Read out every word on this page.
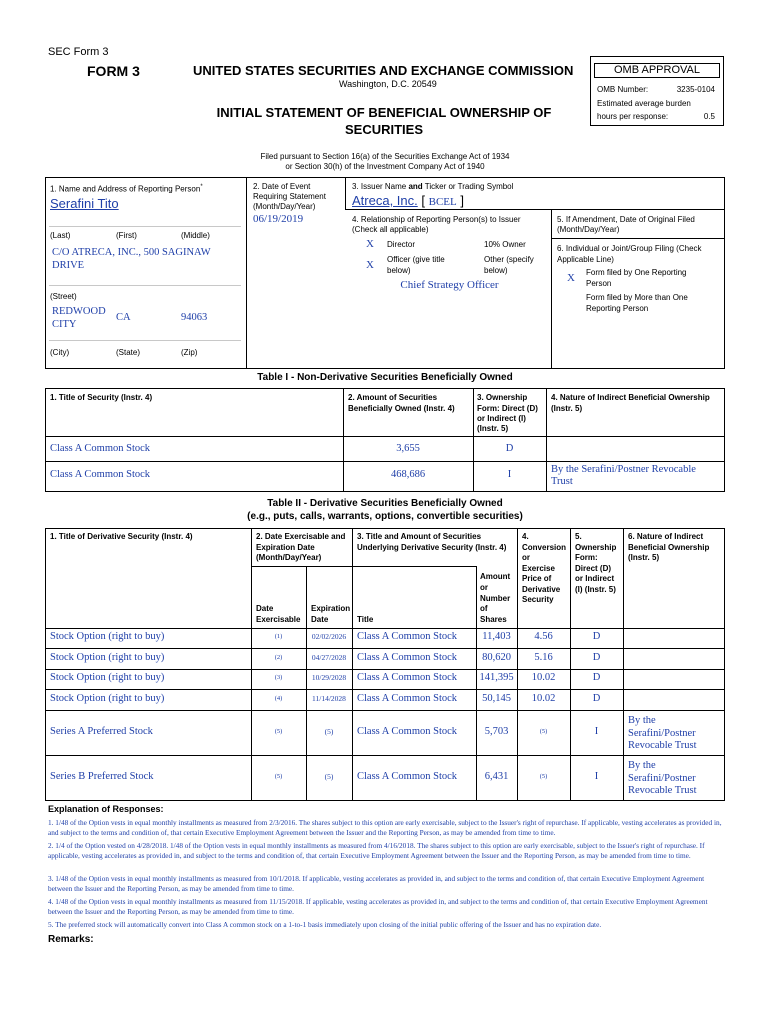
SEC Form 3
FORM 3	UNITED STATES SECURITIES AND EXCHANGE COMMISSION
Washington, D.C. 20549
INITIAL STATEMENT OF BENEFICIAL OWNERSHIP OF SECURITIES
OMB APPROVAL
OMB Number:	3235-0104
Estimated average burden
hours per response:	0.5
Filed pursuant to Section 16(a) of the Securities Exchange Act of 1934
or Section 30(h) of the Investment Company Act of 1940
1. Name and Address of Reporting Person*
Serafini Tito
(Last)	(First)	(Middle)
C/O ATRECA, INC., 500 SAGINAW
DRIVE
(Street)
REDWOOD
CITY
CA	94063
(City)	(State)	(Zip)
2. Date of Event
Requiring Statement
(Month/Day/Year)
06/19/2019
3. Issuer Name and Ticker or Trading Symbol
Atreca, Inc. [ BCEL ]
4. Relationship of Reporting Person(s) to Issuer
(Check all applicable)
X Director	10% Owner
X Officer (give title
below)
Other (specify
below)
Chief Strategy Officer
5. If Amendment, Date of Original Filed
(Month/Day/Year)
6. Individual or Joint/Group Filing (Check
Applicable Line)
X Form filed by One Reporting
Person
Form filed by More than One
Reporting Person
Table I - Non-Derivative Securities Beneficially Owned
1. Title of Security (Instr. 4)	2. Amount of Securities
Beneficially Owned (Instr. 4)
3. Ownership
Form: Direct (D)
or Indirect (I)
(Instr. 5)
4. Nature of Indirect Beneficial Ownership
(Instr. 5)
Class A Common Stock	3,655	D
Class A Common Stock	468,686	I	By the Serafini/Postner Revocable
Trust
Table II - Derivative Securities Beneficially Owned
(e.g., puts, calls, warrants, options, convertible securities)
1. Title of Derivative Security (Instr. 4)	2. Date Exercisable and
Expiration Date
(Month/Day/Year)
Date
Exercisable
Expiration
Date
3. Title and Amount of Securities
Underlying Derivative Security (Instr. 4)
Title
Amount
or
Number
of
Shares
4.
Conversion
or
Exercise
Price of
Derivative
Security
5.
Ownership
Form:
Direct (D)
or Indirect
(I) (Instr. 5)
6. Nature of Indirect
Beneficial Ownership
(Instr. 5)
Stock Option (right to buy)	(1)	02/02/2026	Class A Common Stock	11,403	4.56	D
Stock Option (right to buy)	(2)	04/27/2028	Class A Common Stock	80,620	5.16	D
Stock Option (right to buy)	(3)	10/29/2028	Class A Common Stock	141,395	10.02	D
Stock Option (right to buy)	(4)	11/14/2028	Class A Common Stock	50,145	10.02	D
Series A Preferred Stock	(5)	(5)	Class A Common Stock	5,703	(5)	I
By the
Serafini/Postner
Revocable Trust
Series B Preferred Stock	(5)	(5)	Class A Common Stock	6,431	(5)	I
By the
Serafini/Postner
Revocable Trust
Explanation of Responses:
1. 1/48 of the Option vests in equal monthly installments as measured from 2/3/2016. The shares subject to this option are early exercisable, subject to the Issuer's right of repurchase. If applicable, vesting accelerates as provided in, and subject to the terms and condition of, that certain Executive Employment Agreement between the Issuer and the Reporting Person, as may be amended from time to time.
2. 1/4 of the Option vested on 4/28/2018. 1/48 of the Option vests in equal monthly installments as measured from 4/16/2018. The shares subject to this option are early exercisable, subject to the Issuer's right of repurchase. If applicable, vesting accelerates as provided in, and subject to the terms and condition of, that certain Executive Employment Agreement between the Issuer and the Reporting Person, as may be amended from time to time.
3. 1/48 of the Option vests in equal monthly installments as measured from 10/1/2018. If applicable, vesting accelerates as provided in, and subject to the terms and condition of, that certain Executive Employment Agreement between the Issuer and the Reporting Person, as may be amended from time to time.
4. 1/48 of the Option vests in equal monthly installments as measured from 11/15/2018. If applicable, vesting accelerates as provided in, and subject to the terms and condition of, that certain Executive Employment Agreement between the Issuer and the Reporting Person, as may be amended from time to time.
5. The preferred stock will automatically convert into Class A common stock on a 1-to-1 basis immediately upon closing of the initial public offering of the Issuer and has no expiration date.
Remarks:
